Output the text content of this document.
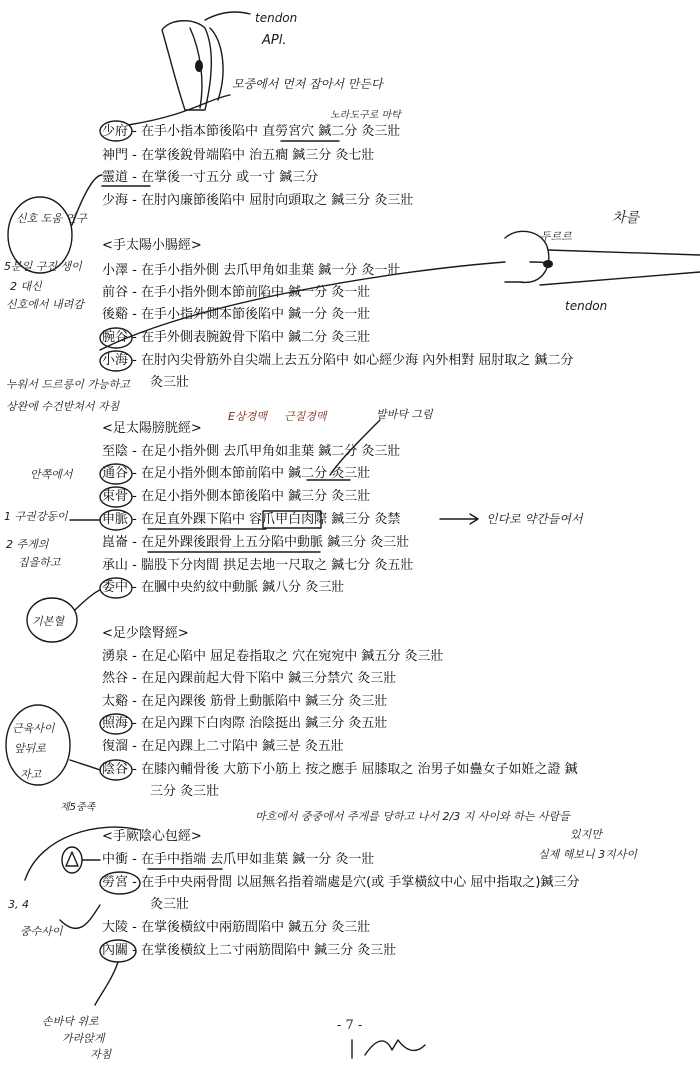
少府 - 在手小指本節後陷中 直勞宮穴 鍼二分 灸三壯
神門 - 在掌後銳骨端陷中 治五癎 鍼三分 灸七壯
靈道 - 在掌後一寸五分 或一寸 鍼三分
少海 - 在肘內廉節後陷中 屈肘向頭取之 鍼三分 灸三壯
<手太陽小腸經>
小澤 - 在手小指外側 去爪甲角如韭葉 鍼一分 灸一壯
前谷 - 在手小指外側本節前陷中 鍼一分 灸一壯
後谿 - 在手小指外側本節後陷中 鍼一分 灸一壯
腕谷 - 在手外側表腕銳骨下陷中 鍼二分 灸三壯
小海 - 在肘內尖骨筋外自尖端上去五分陷中 如心經少海 內外相對 屈肘取之 鍼二分
灸三壯
<足太陽膀胱經>
至陰 - 在足小指外側 去爪甲角如韭葉 鍼二分 灸三壯
通谷 - 在足小指外側本節前陷中 鍼二分 灸三壯
束骨 - 在足小指外側本節後陷中 鍼三分 灸三壯
申脈 - 在足直外踝下陷中 容爪甲白肉際 鍼三分 灸禁
崑崙 - 在足外踝後跟骨上五分陷中動脈 鍼三分 灸三壯
承山 - 腨股下分肉間 拱足去地一尺取之 鍼七分 灸五壯
委中 - 在膕中央約紋中動脈 鍼八分 灸三壯
<足少陰腎經>
湧泉 - 在足心陷中 屈足卷指取之 穴在宛宛中 鍼五分 灸三壯
然谷 - 在足內踝前起大骨下陷中 鍼三分禁穴 灸三壯
太谿 - 在足內踝後 筋骨上動脈陷中 鍼三分 灸三壯
照海 - 在足內踝下白肉際 治陰挺出 鍼三分 灸五壯
復溜 - 在足內踝上二寸陷中 鍼三분 灸五壯
陰谷 - 在膝內輔骨後 大筋下小筋上 按之應手 屈膝取之 治男子如蠱女子如姙之證 鍼
三分 灸三壯
<手厥陰心包經>
中衝 - 在手中指端 去爪甲如韭葉 鍼一分 灸一壯
勞宮 - 在手中央兩骨間 以屈無名指着端處是穴(或 手掌橫紋中心 屈中指取之)鍼三分
灸三壯
大陵 - 在掌後橫紋中兩筋間陷中 鍼五分 灸三壯
內關 - 在掌後橫紋上二寸兩筋間陷中 鍼三分 灸三壯
- 7 -
tendon
APl.
모중에서 먼저 잡아서 만든다
노라도구로 마탁
신호 도움 연구
5분일 구진 생이
2 대신
신호에서 내려감
두르르
차를
tendon
누워서 드르릉이 가능하고
상완에 수건받쳐서 자침
E상경맥 근질경맥	발바닥 그림
안쪽에서
1 구권강동이
2 주게의
집을하고
인다로 약간들여서
기본혈
근육사이
앞뒤로
자고
제5중족
마흐에서 중중에서 주게를 당하고 나서 2/3 지 사이와 하는 사람들
있지만
실제 해보니 3지사이
3, 4
중수사이
손바닥 위로
가라앉게
자침
